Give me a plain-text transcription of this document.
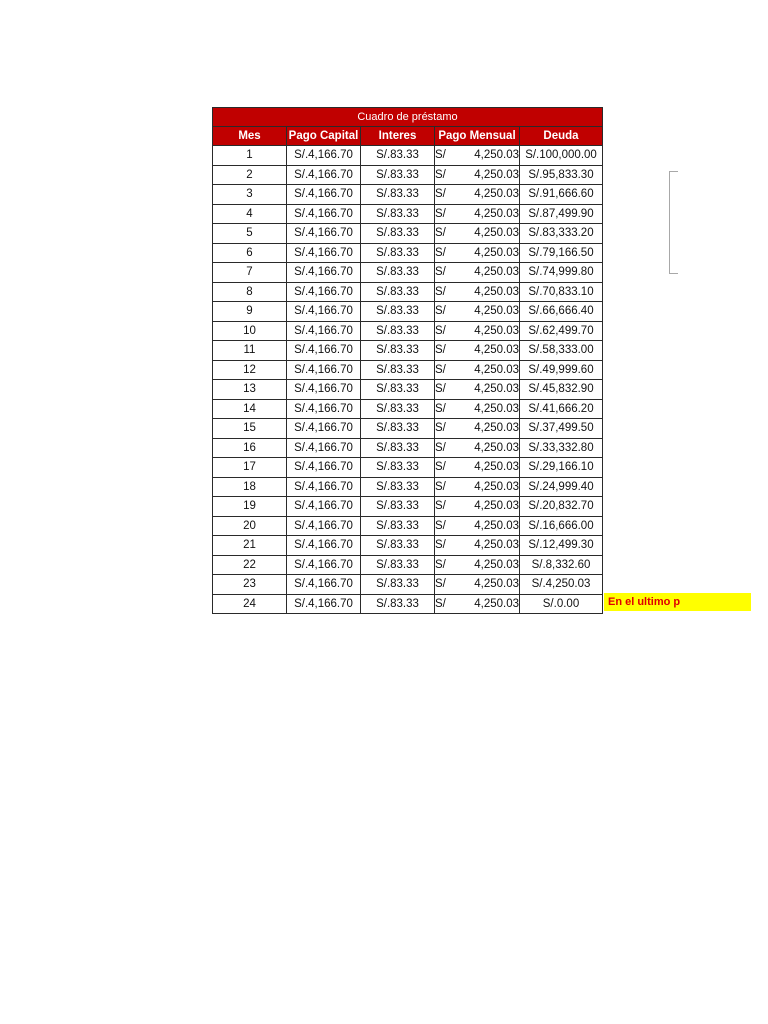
Cuadro de préstamo				
Mes	Pago Capital	Interes	Pago Mensual	Deuda
1	S/.4,166.70	S/.83.33	S/ 4,250.03	S/.100,000.00
2	S/.4,166.70	S/.83.33	S/ 4,250.03	S/.95,833.30
3	S/.4,166.70	S/.83.33	S/ 4,250.03	S/.91,666.60
4	S/.4,166.70	S/.83.33	S/ 4,250.03	S/.87,499.90
5	S/.4,166.70	S/.83.33	S/ 4,250.03	S/.83,333.20
6	S/.4,166.70	S/.83.33	S/ 4,250.03	S/.79,166.50
7	S/.4,166.70	S/.83.33	S/ 4,250.03	S/.74,999.80
8	S/.4,166.70	S/.83.33	S/ 4,250.03	S/.70,833.10
9	S/.4,166.70	S/.83.33	S/ 4,250.03	S/.66,666.40
10	S/.4,166.70	S/.83.33	S/ 4,250.03	S/.62,499.70
11	S/.4,166.70	S/.83.33	S/ 4,250.03	S/.58,333.00
12	S/.4,166.70	S/.83.33	S/ 4,250.03	S/.49,999.60
13	S/.4,166.70	S/.83.33	S/ 4,250.03	S/.45,832.90
14	S/.4,166.70	S/.83.33	S/ 4,250.03	S/.41,666.20
15	S/.4,166.70	S/.83.33	S/ 4,250.03	S/.37,499.50
16	S/.4,166.70	S/.83.33	S/ 4,250.03	S/.33,332.80
17	S/.4,166.70	S/.83.33	S/ 4,250.03	S/.29,166.10
18	S/.4,166.70	S/.83.33	S/ 4,250.03	S/.24,999.40
19	S/.4,166.70	S/.83.33	S/ 4,250.03	S/.20,832.70
20	S/.4,166.70	S/.83.33	S/ 4,250.03	S/.16,666.00
21	S/.4,166.70	S/.83.33	S/ 4,250.03	S/.12,499.30
22	S/.4,166.70	S/.83.33	S/ 4,250.03	S/.8,332.60
23	S/.4,166.70	S/.83.33	S/ 4,250.03	S/.4,250.03
24	S/.4,166.70	S/.83.33	S/ 4,250.03	S/.0.00	En el ultimo p
